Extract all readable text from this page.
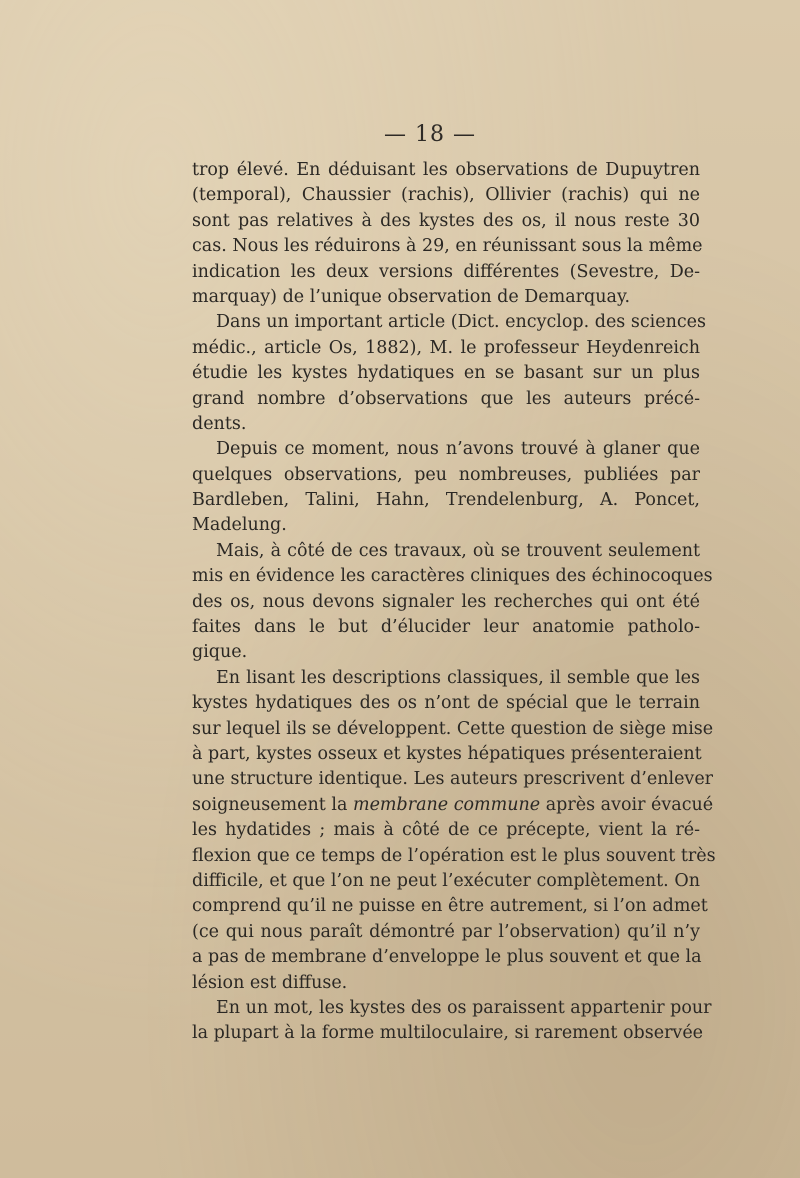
— 18 —

trop élevé. En déduisant les observations de Dupuytren
(temporal), Chaussier (rachis), Ollivier (rachis) qui ne
sont pas relatives à des kystes des os, il nous reste 30
cas. Nous les réduirons à 29, en réunissant sous la même
indication les deux versions différentes (Sevestre, De-
marquay) de l’unique observation de Demarquay.
Dans un important article (Dict. encyclop. des sciences
médic., article Os, 1882), M. le professeur Heydenreich
étudie les kystes hydatiques en se basant sur un plus
grand nombre d’observations que les auteurs précé-
dents.
Depuis ce moment, nous n’avons trouvé à glaner que
quelques observations, peu nombreuses, publiées par
Bardleben, Talini, Hahn, Trendelenburg, A. Poncet,
Madelung.
Mais, à côté de ces travaux, où se trouvent seulement
mis en évidence les caractères cliniques des échinocoques
des os, nous devons signaler les recherches qui ont été
faites dans le but d’élucider leur anatomie patholo-
gique.
En lisant les descriptions classiques, il semble que les
kystes hydatiques des os n’ont de spécial que le terrain
sur lequel ils se développent. Cette question de siège mise
à part, kystes osseux et kystes hépatiques présenteraient
une structure identique. Les auteurs prescrivent d’enlever
soigneusement la membrane commune après avoir évacué
les hydatides ; mais à côté de ce précepte, vient la ré-
flexion que ce temps de l’opération est le plus souvent très
difficile, et que l’on ne peut l’exécuter complètement. On
comprend qu’il ne puisse en être autrement, si l’on admet
(ce qui nous paraît démontré par l’observation) qu’il n’y
a pas de membrane d’enveloppe le plus souvent et que la
lésion est diffuse.
En un mot, les kystes des os paraissent appartenir pour
la plupart à la forme multiloculaire, si rarement observée
